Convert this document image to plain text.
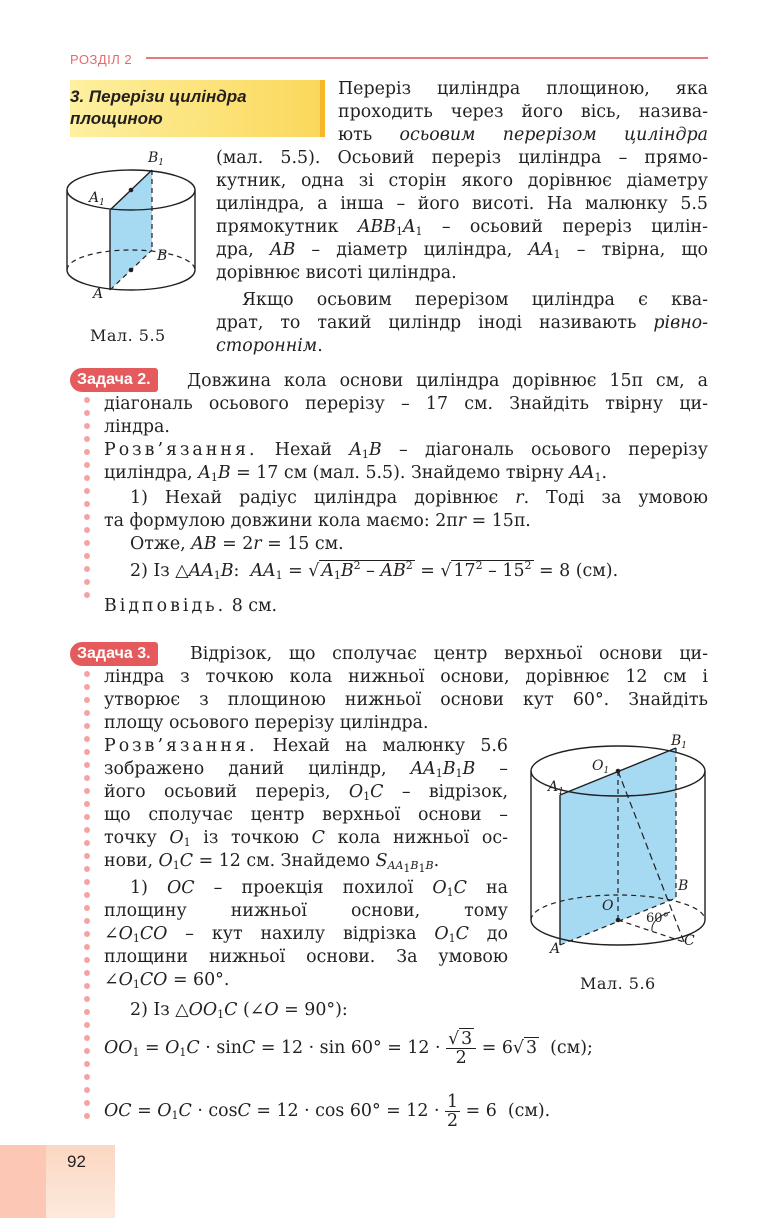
РОЗДІЛ 2
3. Перерізи циліндра
площиною
Переріз циліндра площиною, яка
проходить через його вісь, назива-
ють осьовим перерізом циліндра
(мал. 5.5). Осьовий переріз циліндра – прямо-
кутник, одна зі сторін якого дорівнює діаметру
циліндра, а інша – його висоті. На малюнку 5.5
прямокутник $ABB_1A_1$ – осьовий переріз цилін-
дра, AB – діаметр циліндра, $AA_1$ – твірна, що
дорівнює висоті циліндра.
Якщо осьовим перерізом циліндра є ква-
драт, то такий циліндр іноді називають рівно-
стороннім.
Мал. 5.5
$B_1$
$A_1$
B
A
Задача 2.	Довжина кола основи циліндра дорівнює 15π см, а
діагональ осьового перерізу – 17 см. Знайдіть твірну ци-
ліндра.
Розв’язання. Нехай $A_1B$ – діагональ осьового перерізу
циліндра, $A_1B = 17$ см (мал. 5.5). Знайдемо твірну $AA_1$.
1) Нехай радіус циліндра дорівнює r. Тоді за умовою
та формулою довжини кола маємо: 2πr = 15π.
Отже, AB = 2r = 15 см.
2) Із $\triangle AA_1B$:  $AA_1$ = √ $A_1B^2 - AB^2$ = √ $17^2 - 15^2 = 8$ (см).
Відповідь. 8 см.
Задача 3.	Відрізок, що сполучає центр верхньої основи ци-
ліндра з точкою кола нижньої основи, дорівнює 12 см і
утворює з площиною нижньої основи кут 60°. Знайдіть
площу осьового перерізу циліндра.
Розв’язання. Нехай на малюнку 5.6
зображено даний циліндр, $AA_1B_1B$ –
його осьовий переріз, $O_1C$ – відрізок,
що сполучає центр верхньої основи –
точку $O_1$ із точкою C кола нижньої ос-
нови, $O_1C = 12$ см. Знайдемо $S_{AA_1B_1B}$.
1) OC – проекція похилої $O_1C$ на
площину нижньої основи, тому
$\angle O_1CO$ – кут нахилу відрізка $O_1C$ до
площини нижньої основи. За умовою
$\angle O_1CO = 60^\circ$.
2) Із $\triangle OO_1C$ (∠O = 90°):
$OO_1 = O_1C \cdot \sin C = 12 \cdot \sin 60^\circ = 12 \cdot \frac{√ 3}{2} = 6√$ 3  (см);
OC = $O_1C \cdot \cos C = 12 \cdot \cos 60^\circ = 12 \cdot \frac{1}{2} = 6$  (см).
$B_1$
$O_1$
$A_1$
B
O
60°
A	C
Мал. 5.6
92
